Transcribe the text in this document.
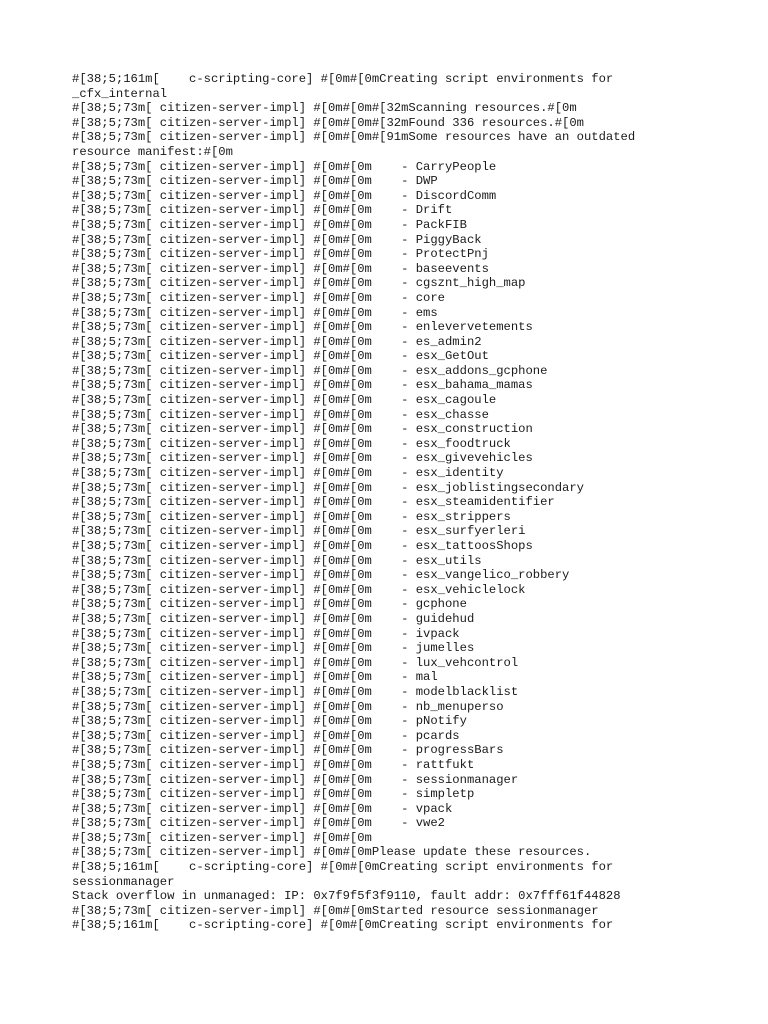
#[38;5;161m[    c-scripting-core] #[0m#[0mCreating script environments for
_cfx_internal
#[38;5;73m[ citizen-server-impl] #[0m#[0m#[32mScanning resources.#[0m
#[38;5;73m[ citizen-server-impl] #[0m#[0m#[32mFound 336 resources.#[0m
#[38;5;73m[ citizen-server-impl] #[0m#[0m#[91mSome resources have an outdated
resource manifest:#[0m
#[38;5;73m[ citizen-server-impl] #[0m#[0m    - CarryPeople
#[38;5;73m[ citizen-server-impl] #[0m#[0m    - DWP
#[38;5;73m[ citizen-server-impl] #[0m#[0m    - DiscordComm
#[38;5;73m[ citizen-server-impl] #[0m#[0m    - Drift
#[38;5;73m[ citizen-server-impl] #[0m#[0m    - PackFIB
#[38;5;73m[ citizen-server-impl] #[0m#[0m    - PiggyBack
#[38;5;73m[ citizen-server-impl] #[0m#[0m    - ProtectPnj
#[38;5;73m[ citizen-server-impl] #[0m#[0m    - baseevents
#[38;5;73m[ citizen-server-impl] #[0m#[0m    - cgsznt_high_map
#[38;5;73m[ citizen-server-impl] #[0m#[0m    - core
#[38;5;73m[ citizen-server-impl] #[0m#[0m    - ems
#[38;5;73m[ citizen-server-impl] #[0m#[0m    - enlevervetements
#[38;5;73m[ citizen-server-impl] #[0m#[0m    - es_admin2
#[38;5;73m[ citizen-server-impl] #[0m#[0m    - esx_GetOut
#[38;5;73m[ citizen-server-impl] #[0m#[0m    - esx_addons_gcphone
#[38;5;73m[ citizen-server-impl] #[0m#[0m    - esx_bahama_mamas
#[38;5;73m[ citizen-server-impl] #[0m#[0m    - esx_cagoule
#[38;5;73m[ citizen-server-impl] #[0m#[0m    - esx_chasse
#[38;5;73m[ citizen-server-impl] #[0m#[0m    - esx_construction
#[38;5;73m[ citizen-server-impl] #[0m#[0m    - esx_foodtruck
#[38;5;73m[ citizen-server-impl] #[0m#[0m    - esx_givevehicles
#[38;5;73m[ citizen-server-impl] #[0m#[0m    - esx_identity
#[38;5;73m[ citizen-server-impl] #[0m#[0m    - esx_joblistingsecondary
#[38;5;73m[ citizen-server-impl] #[0m#[0m    - esx_steamidentifier
#[38;5;73m[ citizen-server-impl] #[0m#[0m    - esx_strippers
#[38;5;73m[ citizen-server-impl] #[0m#[0m    - esx_surfyerleri
#[38;5;73m[ citizen-server-impl] #[0m#[0m    - esx_tattoosShops
#[38;5;73m[ citizen-server-impl] #[0m#[0m    - esx_utils
#[38;5;73m[ citizen-server-impl] #[0m#[0m    - esx_vangelico_robbery
#[38;5;73m[ citizen-server-impl] #[0m#[0m    - esx_vehiclelock
#[38;5;73m[ citizen-server-impl] #[0m#[0m    - gcphone
#[38;5;73m[ citizen-server-impl] #[0m#[0m    - guidehud
#[38;5;73m[ citizen-server-impl] #[0m#[0m    - ivpack
#[38;5;73m[ citizen-server-impl] #[0m#[0m    - jumelles
#[38;5;73m[ citizen-server-impl] #[0m#[0m    - lux_vehcontrol
#[38;5;73m[ citizen-server-impl] #[0m#[0m    - mal
#[38;5;73m[ citizen-server-impl] #[0m#[0m    - modelblacklist
#[38;5;73m[ citizen-server-impl] #[0m#[0m    - nb_menuperso
#[38;5;73m[ citizen-server-impl] #[0m#[0m    - pNotify
#[38;5;73m[ citizen-server-impl] #[0m#[0m    - pcards
#[38;5;73m[ citizen-server-impl] #[0m#[0m    - progressBars
#[38;5;73m[ citizen-server-impl] #[0m#[0m    - rattfukt
#[38;5;73m[ citizen-server-impl] #[0m#[0m    - sessionmanager
#[38;5;73m[ citizen-server-impl] #[0m#[0m    - simpletp
#[38;5;73m[ citizen-server-impl] #[0m#[0m    - vpack
#[38;5;73m[ citizen-server-impl] #[0m#[0m    - vwe2
#[38;5;73m[ citizen-server-impl] #[0m#[0m
#[38;5;73m[ citizen-server-impl] #[0m#[0mPlease update these resources.
#[38;5;161m[    c-scripting-core] #[0m#[0mCreating script environments for
sessionmanager
Stack overflow in unmanaged: IP: 0x7f9f5f3f9110, fault addr: 0x7fff61f44828
#[38;5;73m[ citizen-server-impl] #[0m#[0mStarted resource sessionmanager
#[38;5;161m[    c-scripting-core] #[0m#[0mCreating script environments for
